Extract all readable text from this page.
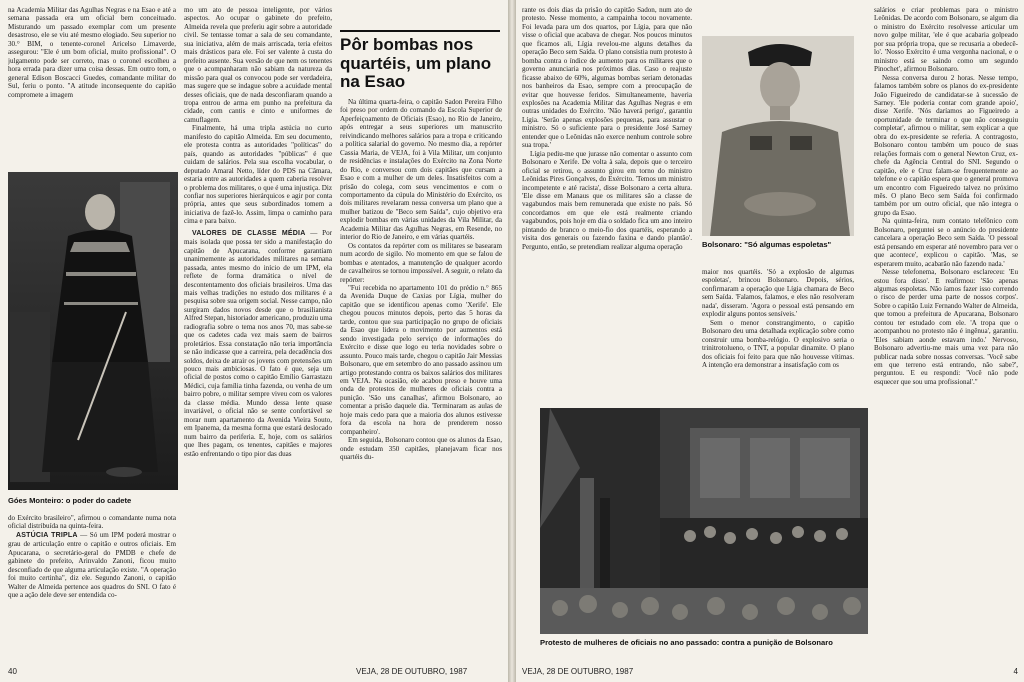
na Academia Militar das Agulhas Negras e na Esao e até a semana passada era um oficial bem conceituado. Misturando um passado exemplar com um presente desastroso, ele se viu até mesmo elogiado. Seu superior no 30.° BIM, o tenente-coronel Aricelso Limaverde, assegurou: "Ele é um bom oficial, muito profissional". O julgamento pode ser correto, mas o coronel escolheu a hora errada para dizer uma coisa dessas. Em outro tom, o general Edison Boscacci Guedes, comandante militar do Sul, feriu o ponto. "A atitude inconsequente do capitão compromete a imagem

Góes Monteiro: o poder do cadete

do Exército brasileiro", afirmou o comandante numa nota oficial distribuída na quinta-feira.

ASTÚCIA TRIPLA — Só um IPM poderá mostrar o grau de articulação entre o capitão e outros oficiais. Em Apucarana, o secretário-geral do PMDB e chefe de gabinete do prefeito, Arinvaldo Zanoni, ficou muito desconfiado de que alguma articulação existe. "A operação foi muito certinha", diz ele. Segundo Zanoni, o capitão Walter de Almeida pertence aos quadros do SNI. O fato é que a ação dele deve ser entendida co-

mo um ato de pessoa inteligente, por vários aspectos. Ao ocupar o gabinete do prefeito, Almeida revela que preferiu agir sobre a autoridade civil. Se tentasse tomar a sala de seu comandante, sua iniciativa, além de mais arriscada, teria efeitos mais drásticos para ele. Foi ser valente à custa do prefeito ausente. Sua versão de que nem os tenentes que o acompanharam não sabiam da natureza da missão para qual os convocou pode ser verdadeira, mas sugere que se indague sobre a acuidade mental desses oficiais, que de nada desconfiaram quando a tropa entrou de arma em punho na prefeitura da cidade, com cantis e cinto e uniformes de camuflagem.

Finalmente, há uma tripla astúcia no curto manifesto do capitão Almeida. Em seu documento, ele protesta contra as autoridades "políticas" do país, quando as autoridades "públicas" é que cuidam de salários. Pela sua escolha vocabular, o deputado Amaral Netto, líder do PDS na Câmara, estaria entre as autoridades a quem caberia resolver o problema dos militares, o que é uma injustiça. Diz confiar nos superiores hierárquicos e agir por conta própria, antes que seus subordinados tomem a iniciativa de fazê-lo. Assim, limpa o caminho para cima e para baixo.

VALORES DE CLASSE MÉDIA — Por mais isolada que possa ter sido a manifestação do capitão de Apucarana, conforme garantiam unanimemente as autoridades militares na semana passada, antes mesmo do início de um IPM, ela reflete de forma dramática o nível de descontentamento dos oficiais brasileiros. Uma das mais velhas tradições no estudo dos militares é a pesquisa sobre sua origem social. Nesse campo, não surgiram dados novos desde que o brasilianista Alfred Stepan, historiador americano, produziu uma radiografia sobre o tema nos anos 70, mas sabe-se que os cadetes cada vez mais saem de bairros proletários. Essa constatação não teria importância se não indicasse que a carreira, pela decadência dos soldos, deixa de atrair os jovens com pretensões um pouco mais ambiciosas. O fato é que, seja um oficial de postos como o capitão Emílio Garrastazu Médici, cuja família tinha fazenda, ou venha de um bairro pobre, o militar sempre viveu com os valores da classe média. Mundo dessa lente quase invariável, o oficial não se sente confortável se morar num apartamento da Avenida Vieira Souto, em Ipanema, da mesma forma que estará deslocado num bairro da periferia. E, hoje, com os salários que lhes pagam, os tenentes, capitães e majores estão enfrentando o tipo pior das duas

Pôr bombas nos quartéis, um plano na Esao

Na última quarta-feira, o capitão Sadon Pereira Filho foi preso por ordem do comando da Escola Superior de Aperfeiçoamento de Oficiais (Esao), no Rio de Janeiro, após entregar a seus superiores um manuscrito reivindicando melhores salários para a tropa e criticando a política salarial do governo. No mesmo dia, a repórter Cassia Maria, de VEJA, foi à Vila Militar, um conjunto de residências e instalações do Exército na Zona Norte do Rio, e conversou com dois capitães que cursam a Esao e com a mulher de um deles. Insatisfeitos com a prisão do colega, com seus vencimentos e com o comportamento da cúpula do Ministério do Exército, os dois militares revelaram nessa conversa um plano que a mulher batizou de "Beco sem Saída", cujo objetivo era explodir bombas em várias unidades da Vila Militar, da Academia Militar das Agulhas Negras, em Resende, no interior do Rio de Janeiro, e em várias quartéis.

Os contatos da repórter com os militares se basearam num acordo de sigilo. No momento em que se falou de bombas e atentados, a manutenção de qualquer acordo de cavalheiros se tornou impossível. A seguir, o relato da repórter:

"Fui recebida no apartamento 101 do prédio n.° 865 da Avenida Duque de Caxias por Lígia, mulher do capitão que se identificou apenas como 'Xerife'. Ele chegou poucos minutos depois, perto das 5 horas da tarde, contou que sua participação no grupo de oficiais da Esao que lidera o movimento por aumentos está sendo investigada pelo serviço de informações do Exército e disse que logo eu teria novidades sobre o assunto. Pouco mais tarde, chegou o capitão Jair Messias Bolsonaro, que em setembro do ano passado assinou um artigo protestando contra os baixos salários dos militares em VEJA. Na ocasião, ele acabou preso e houve uma onda de protestos de mulheres de oficiais contra a punição. 'São uns canalhas', afirmou Bolsonaro, ao comentar a prisão daquele dia. 'Terminaram as aulas de hoje mais cedo para que a maioria dos alunos estivesse fora da escola na hora de prenderem nosso companheiro'.

Em seguida, Bolsonaro contou que os alunos da Esao, onde estudam 350 capitães, planejavam ficar nos quartéis du-

40	VEJA, 28 DE OUTUBRO, 1987

rante os dois dias da prisão do capitão Sadon, num ato de protesto. Nesse momento, a campainha tocou novamente. Foi levada para um dos quartos, por Lígia, para que não visse o oficial que acabava de chegar. Nos poucos minutos que ficamos ali, Lígia revelou-me alguns detalhes da operação Beco sem Saída. O plano consistia num protesto à bomba contra o índice de aumento para os militares que o governo anunciaria nos próximos dias. Caso o reajuste ficasse abaixo de 60%, algumas bombas seriam detonadas nos banheiros da Esao, sempre com a preocupação de evitar que houvesse feridos. Simultaneamente, haveria explosões na Academia Militar das Agulhas Negras e em outras unidades do Exército. 'Não haverá perigo', garantiu Lígia. 'Serão apenas explosões pequenas, para assustar o ministro. Só o suficiente para o presidente José Sarney entender que o Leônidas não exerce nenhum controle sobre sua tropa.'

Lígia pediu-me que jurasse não comentar o assunto com Bolsonaro e Xerife. De volta à sala, depois que o terceiro oficial se retirou, o assunto girou em torno do ministro Leônidas Pires Gonçalves, do Exército. 'Temos um ministro incompetente e até racista', disse Bolsonaro a certa altura. 'Ele disse em Manaus que os militares são a classe de vagabundos mais bem remunerada que existe no país. Só concordamos em que ele está realmente criando vagabundos, pois hoje em dia o soldado fica um ano inteiro pintando de branco o meio-fio dos quartéis, esperando a visita dos generais ou fazendo faxina e dando plantão'. Pergunto, então, se pretendiam realizar alguma operação	Bolsonaro: "Só algumas espoletas"

maior nos quartéis. 'Só a explosão de algumas espoletas', brincou Bolsonaro. Depois, sérios, confirmaram a operação que Lígia chamara de Beco sem Saída. 'Falamos, falamos, e eles não resolveram nada', disseram. 'Agora o pessoal está pensando em explodir alguns pontos sensíveis.'

Sem o menor constrangimento, o capitão Bolsonaro deu uma detalhada explicação sobre como construir uma bomba-relógio. O explosivo seria o trinitrotolueno, o TNT, a popular dinamite. O plano dos oficiais foi feito para que não houvesse vítimas. A intenção era demonstrar a insatisfação com os

Protesto de mulheres de oficiais no ano passado: contra a punição de Bolsonaro

salários e criar problemas para o ministro Leônidas. De acordo com Bolsonaro, se algum dia o ministro do Exército resolvesse articular um novo golpe militar, 'ele é que acabaria golpeado por sua própria tropa, que se recusaria a obedecê-lo'. 'Nosso Exército é uma vergonha nacional, e o ministro está se saindo como um segundo Pinochet', afirmou Bolsonaro.

Nessa conversa durou 2 horas. Nesse tempo, falamos também sobre os planos do ex-presidente João Figueiredo de candidatar-se à sucessão de Sarney. 'Ele poderia contar com grande apoio', disse Xerife. 'Nós daríamos ao Figueiredo a oportunidade de terminar o que não conseguiu completar', afirmou o militar, sem explicar a que obra do ex-presidente se referia. A contragosto, Bolsonaro contou também um pouco de suas relações formais com o general Newton Cruz, ex-chefe da Agência Central do SNI. Segundo o capitão, ele e Cruz falam-se frequentemente ao telefone e o capitão espera que o general promova um encontro com Figueiredo talvez no próximo mês. O plano Beco sem Saída foi confirmado também por um outro oficial, que não integra o grupo da Esao.

Na quinta-feira, num contato telefônico com Bolsonaro, perguntei se o anúncio do presidente cancelara a operação Beco sem Saída. 'O pessoal está pensando em esperar até novembro para ver o que acontece', explicou o capitão. 'Mas, se esperarem muito, acabarão não fazendo nada.'

Nesse telefonema, Bolsonaro esclareceu: 'Eu estou fora disso'. E reafirmou: 'São apenas algumas espoletas. Não íamos fazer isso correndo o risco de perder uma parte de nossos corpos'. Sobre o capitão Luiz Fernando Walter de Almeida, que tomou a prefeitura de Apucarana, Bolsonaro contou ter estudado com ele. 'A tropa que o acompanhou no protesto não é ingênua', garantiu. 'Eles sabiam aonde estavam indo.' Nervoso, Bolsonaro advertiu-me mais uma vez para não publicar nada sobre nossas conversas. 'Você sabe em que terreno está entrando, não sabe?', perguntou. E eu respondi: 'Você não pode esquecer que sou uma profissional'."

VEJA, 28 DE OUTUBRO, 1987	4
